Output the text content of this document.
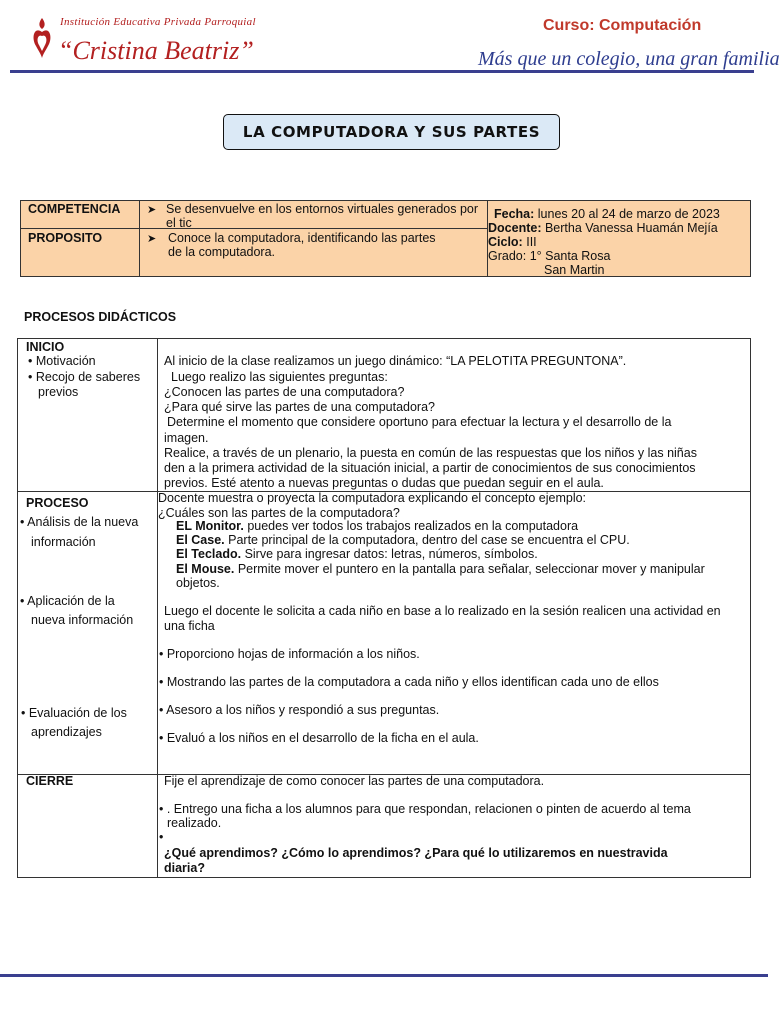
Institución Educativa Privada Parroquial
“Cristina Beatriz”
Curso: Computación
Más que un colegio, una gran familia
LA COMPUTADORA Y SUS PARTES
COMPETENCIA ➤ Se desenvuelve en los entornos virtuales generados por el tic
PROPOSITO	➤ Conoce la computadora, identificando las partes
de la computadora.
Fecha: lunes 20 al 24 de marzo de 2023
Docente: Bertha Vanessa Huamán Mejía
Ciclo: III
Grado: 1° Santa Rosa
San Martin
PROCESOS DIDÁCTICOS
INICIO
• Motivación
• Recojo de saberes
previos
Al inicio de la clase realizamos un juego dinámico: “LA PELOTITA PREGUNTONA”.
Luego realizo las siguientes preguntas:
¿Conocen las partes de una computadora?
¿Para qué sirve las partes de una computadora?
Determine el momento que considere oportuno para efectuar la lectura y el desarrollo de la
imagen.
Realice, a través de un plenario, la puesta en común de las respuestas que los niños y las niñas
den a la primera actividad de la situación inicial, a partir de conocimientos de sus conocimientos
previos. Esté atento a nuevas preguntas o dudas que puedan seguir en el aula.
PROCESO
• Análisis de la nueva
información
• Aplicación de la
nueva información
• Evaluación de los
aprendizajes
Docente muestra o proyecta la computadora explicando el concepto ejemplo:
¿Cuáles son las partes de la computadora?
EL Monitor. puedes ver todos los trabajos realizados en la computadora
El Case. Parte principal de la computadora, dentro del case se encuentra el CPU.
El Teclado. Sirve para ingresar datos: letras, números, símbolos.
El Mouse. Permite mover el puntero en la pantalla para señalar, seleccionar mover y manipular
objetos.
Luego el docente le solicita a cada niño en base a lo realizado en la sesión realicen una actividad en
una ficha
• Proporciono hojas de información a los niños.
• Mostrando las partes de la computadora a cada niño y ellos identifican cada uno de ellos
• Asesoro a los niños y respondió a sus preguntas.
• Evaluó a los niños en el desarrollo de la ficha en el aula.
CIERRE	Fije el aprendizaje de como conocer las partes de una computadora.
• . Entrego una ficha a los alumnos para que respondan, relacionen o pinten de acuerdo al tema
realizado.
•
¿Qué aprendimos? ¿Cómo lo aprendimos? ¿Para qué lo utilizaremos en nuestravida
diaria?
